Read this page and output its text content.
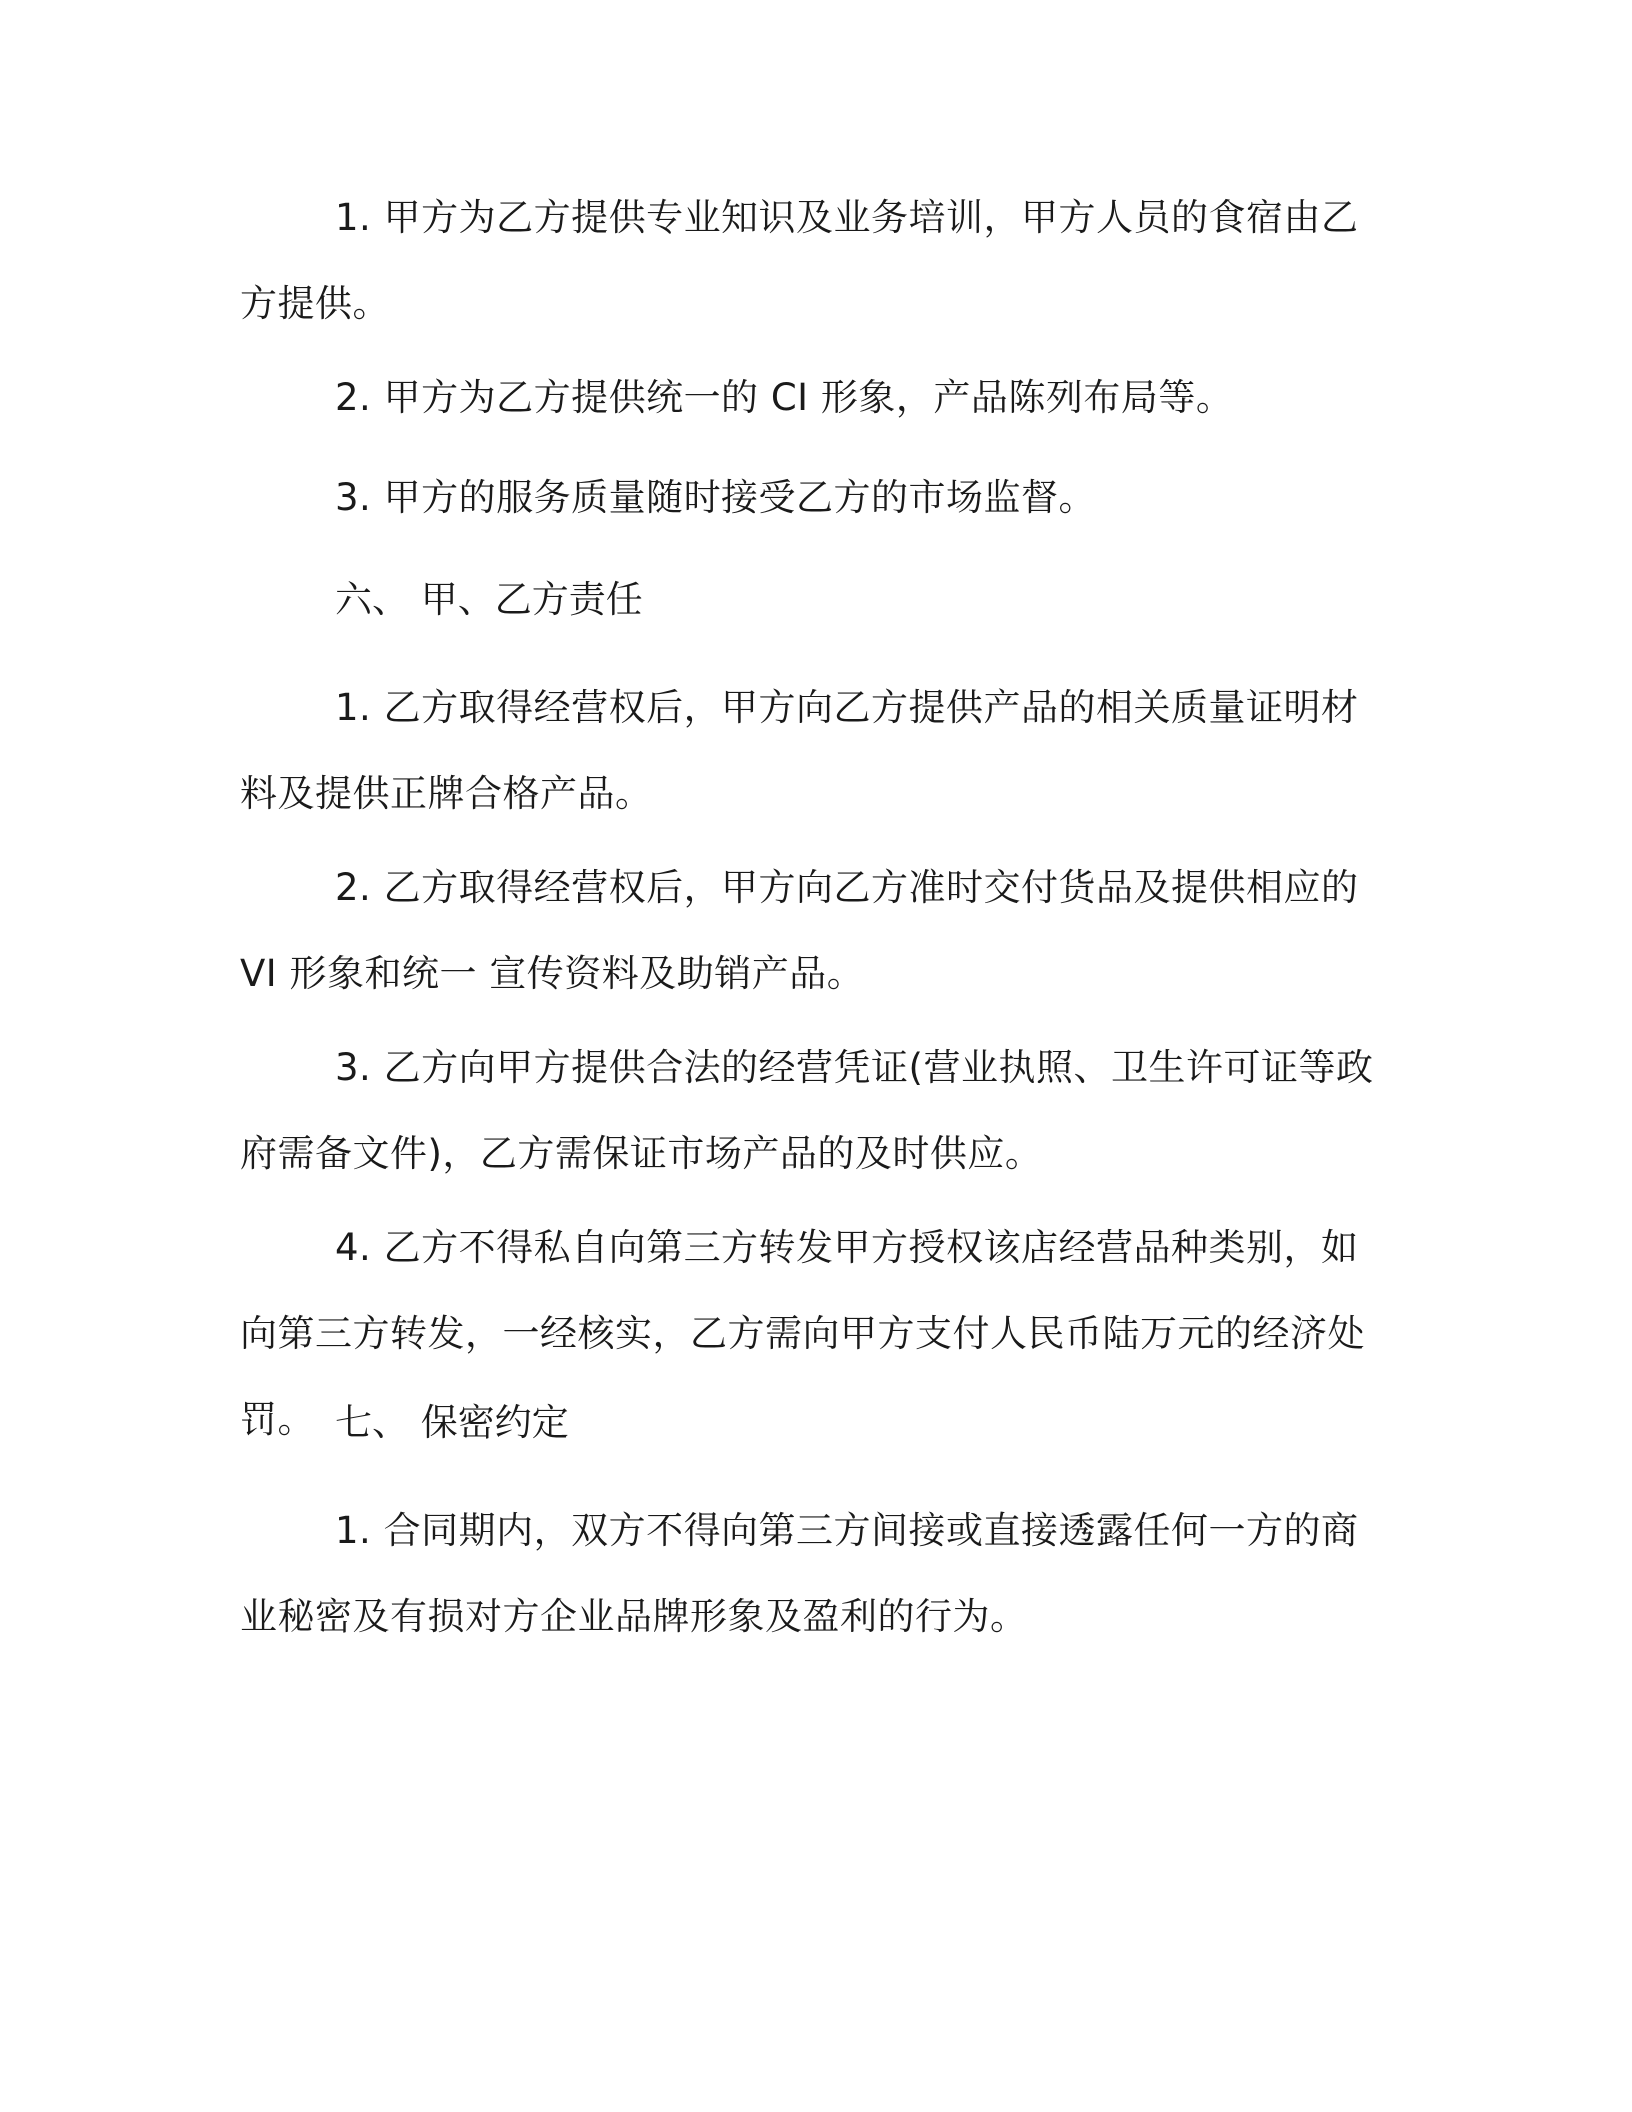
1. 甲方为乙方提供专业知识及业务培训，甲方人员的食宿由乙方提供。

2. 甲方为乙方提供统一的 CI 形象，产品陈列布局等。

3. 甲方的服务质量随时接受乙方的市场监督。

六、 甲、乙方责任

1. 乙方取得经营权后，甲方向乙方提供产品的相关质量证明材料及提供正牌合格产品。

2. 乙方取得经营权后，甲方向乙方准时交付货品及提供相应的 VI 形象和统一 宣传资料及助销产品。

3. 乙方向甲方提供合法的经营凭证(营业执照、卫生许可证等政府需备文件)，乙方需保证市场产品的及时供应。

4. 乙方不得私自向第三方转发甲方授权该店经营品种类别，如向第三方转发，一经核实，乙方需向甲方支付人民币陆万元的经济处罚。 七、 保密约定

1. 合同期内，双方不得向第三方间接或直接透露任何一方的商业秘密及有损对方企业品牌形象及盈利的行为。
